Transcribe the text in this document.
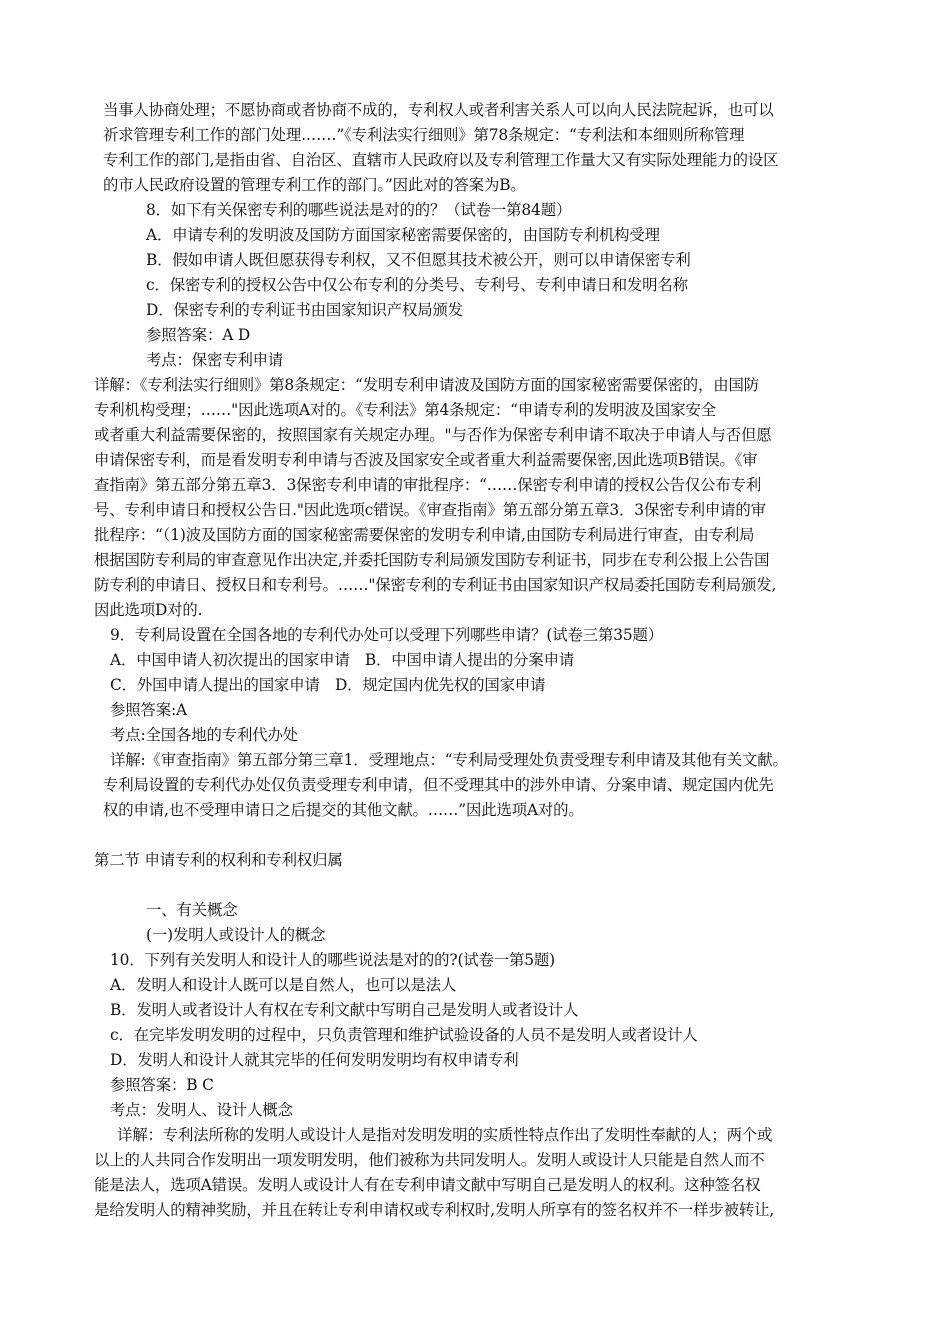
当事人协商处理；不愿协商或者协商不成的，专利权人或者利害关系人可以向人民法院起诉，也可以
祈求管理专利工作的部门处理.……”《专利法实行细则》第78条规定：“专利法和本细则所称管理
专利工作的部门,是指由省、自治区、直辖市人民政府以及专利管理工作量大又有实际处理能力的设区
的市人民政府设置的管理专利工作的部门。”因此对的答案为B。
8．如下有关保密专利的哪些说法是对的的？（试卷一第84题）
A．申请专利的发明波及国防方面国家秘密需要保密的，由国防专利机构受理
B．假如申请人既但愿获得专利权，又不但愿其技术被公开，则可以申请保密专利
c．保密专利的授权公告中仅公布专利的分类号、专利号、专利申请日和发明名称
D．保密专利的专利证书由国家知识产权局颁发
参照答案：A D
考点：保密专利申请
详解：《专利法实行细则》第8条规定：“发明专利申请波及国防方面的国家秘密需要保密的，由国防
专利机构受理；……"因此选项A对的。《专利法》第4条规定：“申请专利的发明波及国家安全
或者重大利益需要保密的，按照国家有关规定办理。"与否作为保密专利申请不取决于申请人与否但愿
申请保密专利，而是看发明专利申请与否波及国家安全或者重大利益需要保密,因此选项B错误。《审
查指南》第五部分第五章3．3保密专利申请的审批程序：“……保密专利申请的授权公告仅公布专利
号、专利申请日和授权公告日."因此选项c错误。《审查指南》第五部分第五章3．3保密专利申请的审
批程序：“（1)波及国防方面的国家秘密需要保密的发明专利申请,由国防专利局进行审查，由专利局
根据国防专利局的审查意见作出决定,并委托国防专利局颁发国防专利证书，同步在专利公报上公告国
防专利的申请日、授权日和专利号。……"保密专利的专利证书由国家知识产权局委托国防专利局颁发,
因此选项D对的.
9．专利局设置在全国各地的专利代办处可以受理下列哪些申请？(试卷三第35题）
A．中国申请人初次提出的国家申请　B．中国申请人提出的分案申请
C．外国申请人提出的国家申请　D．规定国内优先权的国家申请
参照答案:A
考点:全国各地的专利代办处
详解:《审查指南》第五部分第三章1．受理地点：“专利局受理处负责受理专利申请及其他有关文献。
专利局设置的专利代办处仅负责受理专利申请，但不受理其中的涉外申请、分案申请、规定国内优先
权的申请,也不受理申请日之后提交的其他文献。……”因此选项A对的。
第二节 申请专利的权利和专利权归属
一、有关概念
(一)发明人或设计人的概念
10．下列有关发明人和设计人的哪些说法是对的的?(试卷一第5题)
A．发明人和设计人既可以是自然人，也可以是法人
B．发明人或者设计人有权在专利文献中写明自己是发明人或者设计人
c．在完毕发明发明的过程中，只负责管理和维护试验设备的人员不是发明人或者设计人
D．发明人和设计人就其完毕的任何发明发明均有权申请专利
参照答案：B C
考点：发明人、设计人概念
详解：专利法所称的发明人或设计人是指对发明发明的实质性特点作出了发明性奉献的人；两个或
以上的人共同合作发明出一项发明发明，他们被称为共同发明人。发明人或设计人只能是自然人而不
能是法人，选项A错误。发明人或设计人有在专利申请文献中写明自己是发明人的权利。这种签名权
是给发明人的精神奖励，并且在转让专利申请权或专利权时,发明人所享有的签名权并不一样步被转让,
